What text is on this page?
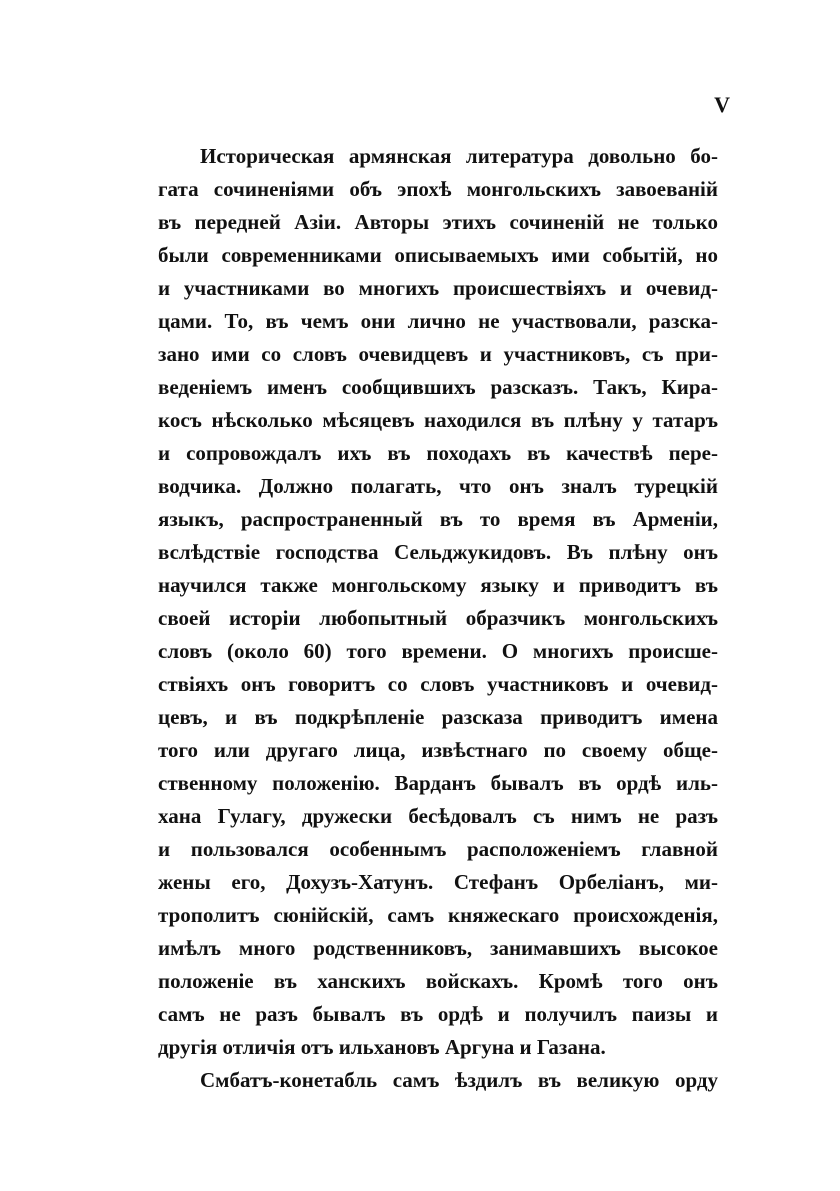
V
Историческая армянская литература довольно бо-
гата сочиненіями объ эпохѣ монгольскихъ завоеваній
въ передней Азіи. Авторы этихъ сочиненій не только
были современниками описываемыхъ ими событій, но
и участниками во многихъ происшествіяхъ и очевид-
цами. То, въ чемъ они лично не участвовали, разска-
зано ими со словъ очевидцевъ и участниковъ, съ при-
веденіемъ именъ сообщившихъ разсказъ. Такъ, Кира-
косъ нѣсколько мѣсяцевъ находился въ плѣну у татаръ
и сопровождалъ ихъ въ походахъ въ качествѣ пере-
водчика. Должно полагать, что онъ зналъ турецкій
языкъ, распространенный въ то время въ Арменіи,
вслѣдствіе господства Сельджукидовъ. Въ плѣну онъ
научился также монгольскому языку и приводитъ въ
своей исторіи любопытный образчикъ монгольскихъ
словъ (около 60) того времени. О многихъ происше-
ствіяхъ онъ говоритъ со словъ участниковъ и очевид-
цевъ, и въ подкрѣпленіе разсказа приводитъ имена
того или другаго лица, извѣстнаго по своему обще-
ственному положенію. Варданъ бывалъ въ ордѣ иль-
хана Гулагу, дружески бесѣдовалъ съ нимъ не разъ
и пользовался особеннымъ расположеніемъ главной
жены его, Дохузъ-Хатунъ. Стефанъ Орбеліанъ, ми-
трополитъ сюнійскій, самъ княжескаго происхожденія,
имѣлъ много родственниковъ, занимавшихъ высокое
положеніе въ ханскихъ войскахъ. Кромѣ того онъ
самъ не разъ бывалъ въ ордѣ и получилъ паизы и
другія отличія отъ ильхановъ Аргуна и Газана.
Смбатъ-конетабль самъ ѣздилъ въ великую орду
